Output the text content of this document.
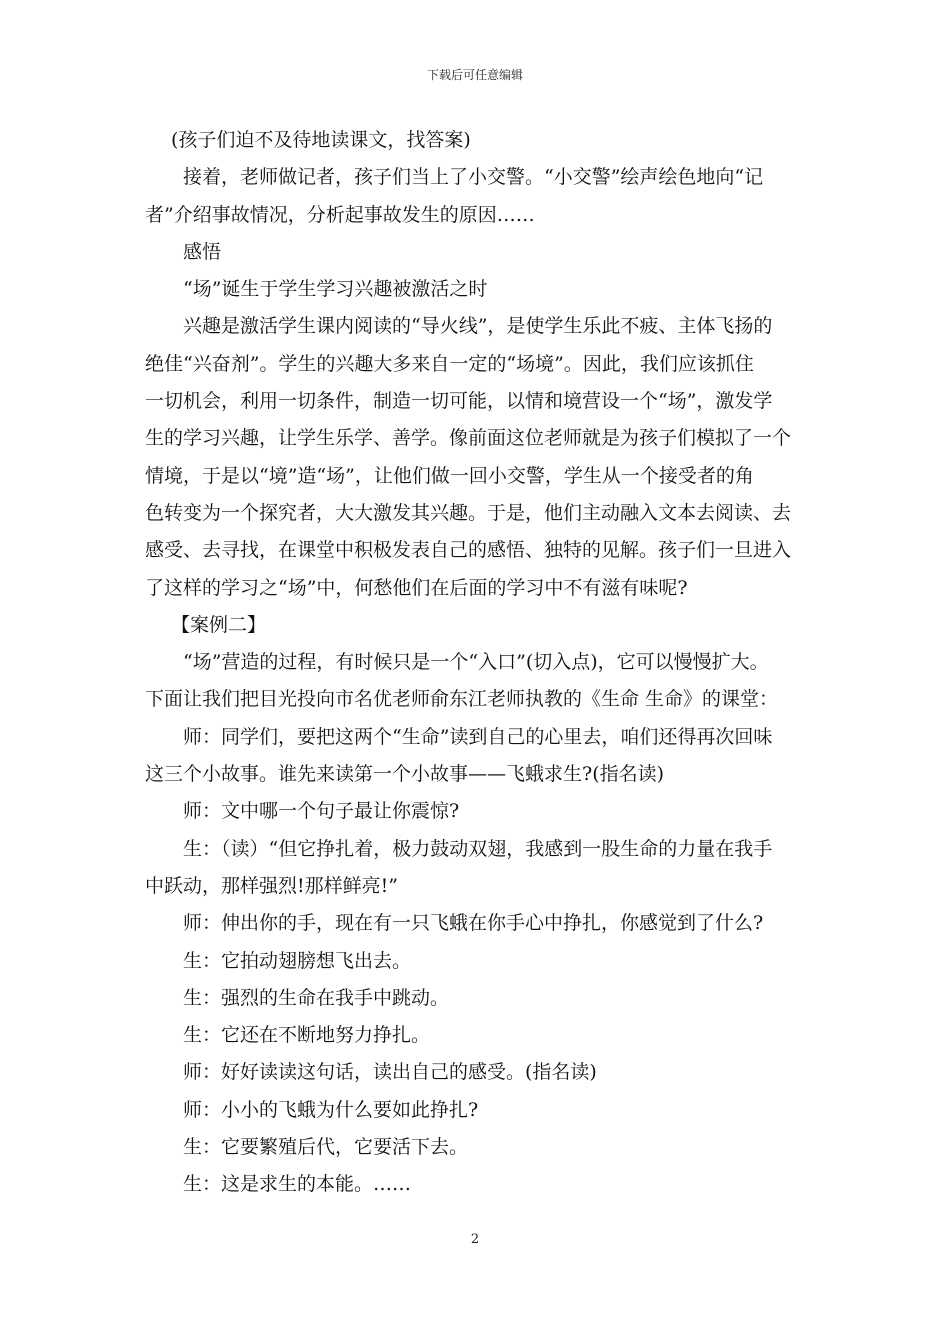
下载后可任意编辑
(孩子们迫不及待地读课文，找答案)
接着，老师做记者，孩子们当上了小交警。“小交警”绘声绘色地向“记
者”介绍事故情况，分析起事故发生的原因……
感悟
“场”诞生于学生学习兴趣被激活之时
兴趣是激活学生课内阅读的“导火线”，是使学生乐此不疲、主体飞扬的
绝佳“兴奋剂”。学生的兴趣大多来自一定的“场境”。因此，我们应该抓住
一切机会，利用一切条件，制造一切可能，以情和境营设一个“场”，激发学
生的学习兴趣，让学生乐学、善学。像前面这位老师就是为孩子们模拟了一个
情境，于是以“境”造“场”，让他们做一回小交警，学生从一个接受者的角
色转变为一个探究者，大大激发其兴趣。于是，他们主动融入文本去阅读、去
感受、去寻找，在课堂中积极发表自己的感悟、独特的见解。孩子们一旦进入
了这样的学习之“场”中，何愁他们在后面的学习中不有滋有味呢?
【案例二】
“场”营造的过程，有时候只是一个“入口”(切入点)，它可以慢慢扩大。
下面让我们把目光投向市名优老师俞东江老师执教的《生命 生命》的课堂：
师：同学们，要把这两个“生命”读到自己的心里去，咱们还得再次回味
这三个小故事。谁先来读第一个小故事——飞蛾求生?(指名读)
师：文中哪一个句子最让你震惊?
生：（读）“但它挣扎着，极力鼓动双翅，我感到一股生命的力量在我手
中跃动，那样强烈!那样鲜亮!”
师：伸出你的手，现在有一只飞蛾在你手心中挣扎，你感觉到了什么?
生：它拍动翅膀想飞出去。
生：强烈的生命在我手中跳动。
生：它还在不断地努力挣扎。
师：好好读读这句话，读出自己的感受。(指名读)
师：小小的飞蛾为什么要如此挣扎?
生：它要繁殖后代，它要活下去。
生：这是求生的本能。……
2
